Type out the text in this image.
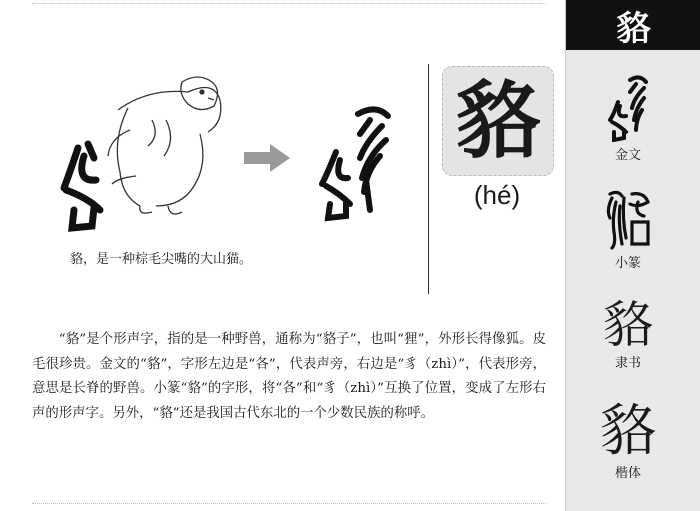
貉，是一种棕毛尖嘴的大山猫。
貉
(hé)

“貉”是个形声字，指的是一种野兽，通称为“貉子”，也叫“狸”，外形长得像狐。皮毛很珍贵。金文的“貉”，字形左边是“各”，代表声旁，右边是“豸（zhì）”，代表形旁，意思是长脊的野兽。小篆“貉”的字形，将“各”和“豸（zhì）”互换了位置，变成了左形右声的形声字。另外，“貉”还是我国古代东北的一个少数民族的称呼。

貉
金文
小篆
貉
隶书
貉
楷体
